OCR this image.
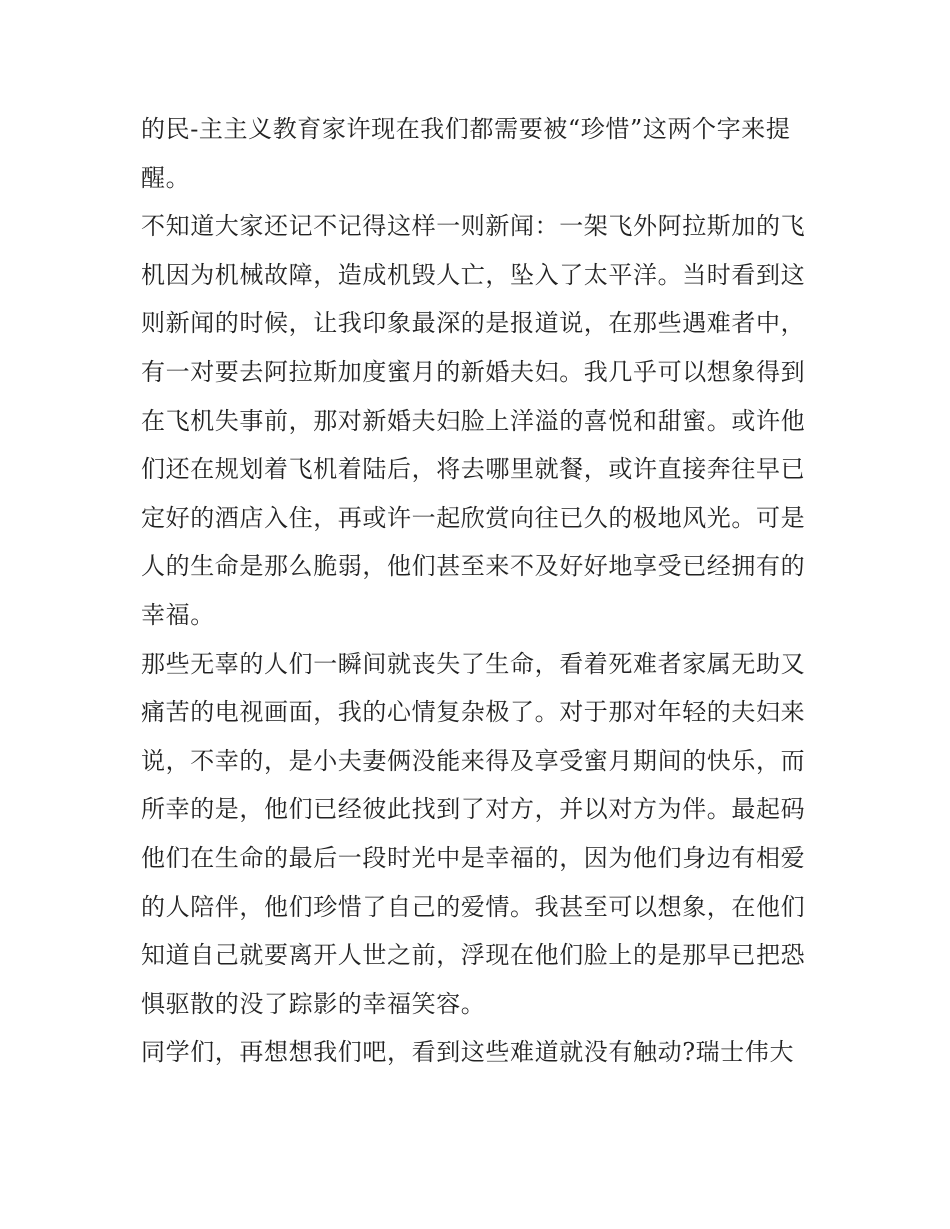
的民-主主义教育家许现在我们都需要被“珍惜”这两个字来提
醒。
不知道大家还记不记得这样一则新闻：一架飞外阿拉斯加的飞
机因为机械故障，造成机毁人亡，坠入了太平洋。当时看到这
则新闻的时候，让我印象最深的是报道说，在那些遇难者中，
有一对要去阿拉斯加度蜜月的新婚夫妇。我几乎可以想象得到
在飞机失事前，那对新婚夫妇脸上洋溢的喜悦和甜蜜。或许他
们还在规划着飞机着陆后，将去哪里就餐，或许直接奔往早已
定好的酒店入住，再或许一起欣赏向往已久的极地风光。可是
人的生命是那么脆弱，他们甚至来不及好好地享受已经拥有的
幸福。
那些无辜的人们一瞬间就丧失了生命，看着死难者家属无助又
痛苦的电视画面，我的心情复杂极了。对于那对年轻的夫妇来
说，不幸的，是小夫妻俩没能来得及享受蜜月期间的快乐，而
所幸的是，他们已经彼此找到了对方，并以对方为伴。最起码
他们在生命的最后一段时光中是幸福的，因为他们身边有相爱
的人陪伴，他们珍惜了自己的爱情。我甚至可以想象，在他们
知道自己就要离开人世之前，浮现在他们脸上的是那早已把恐
惧驱散的没了踪影的幸福笑容。
同学们，再想想我们吧，看到这些难道就没有触动?瑞士伟大
